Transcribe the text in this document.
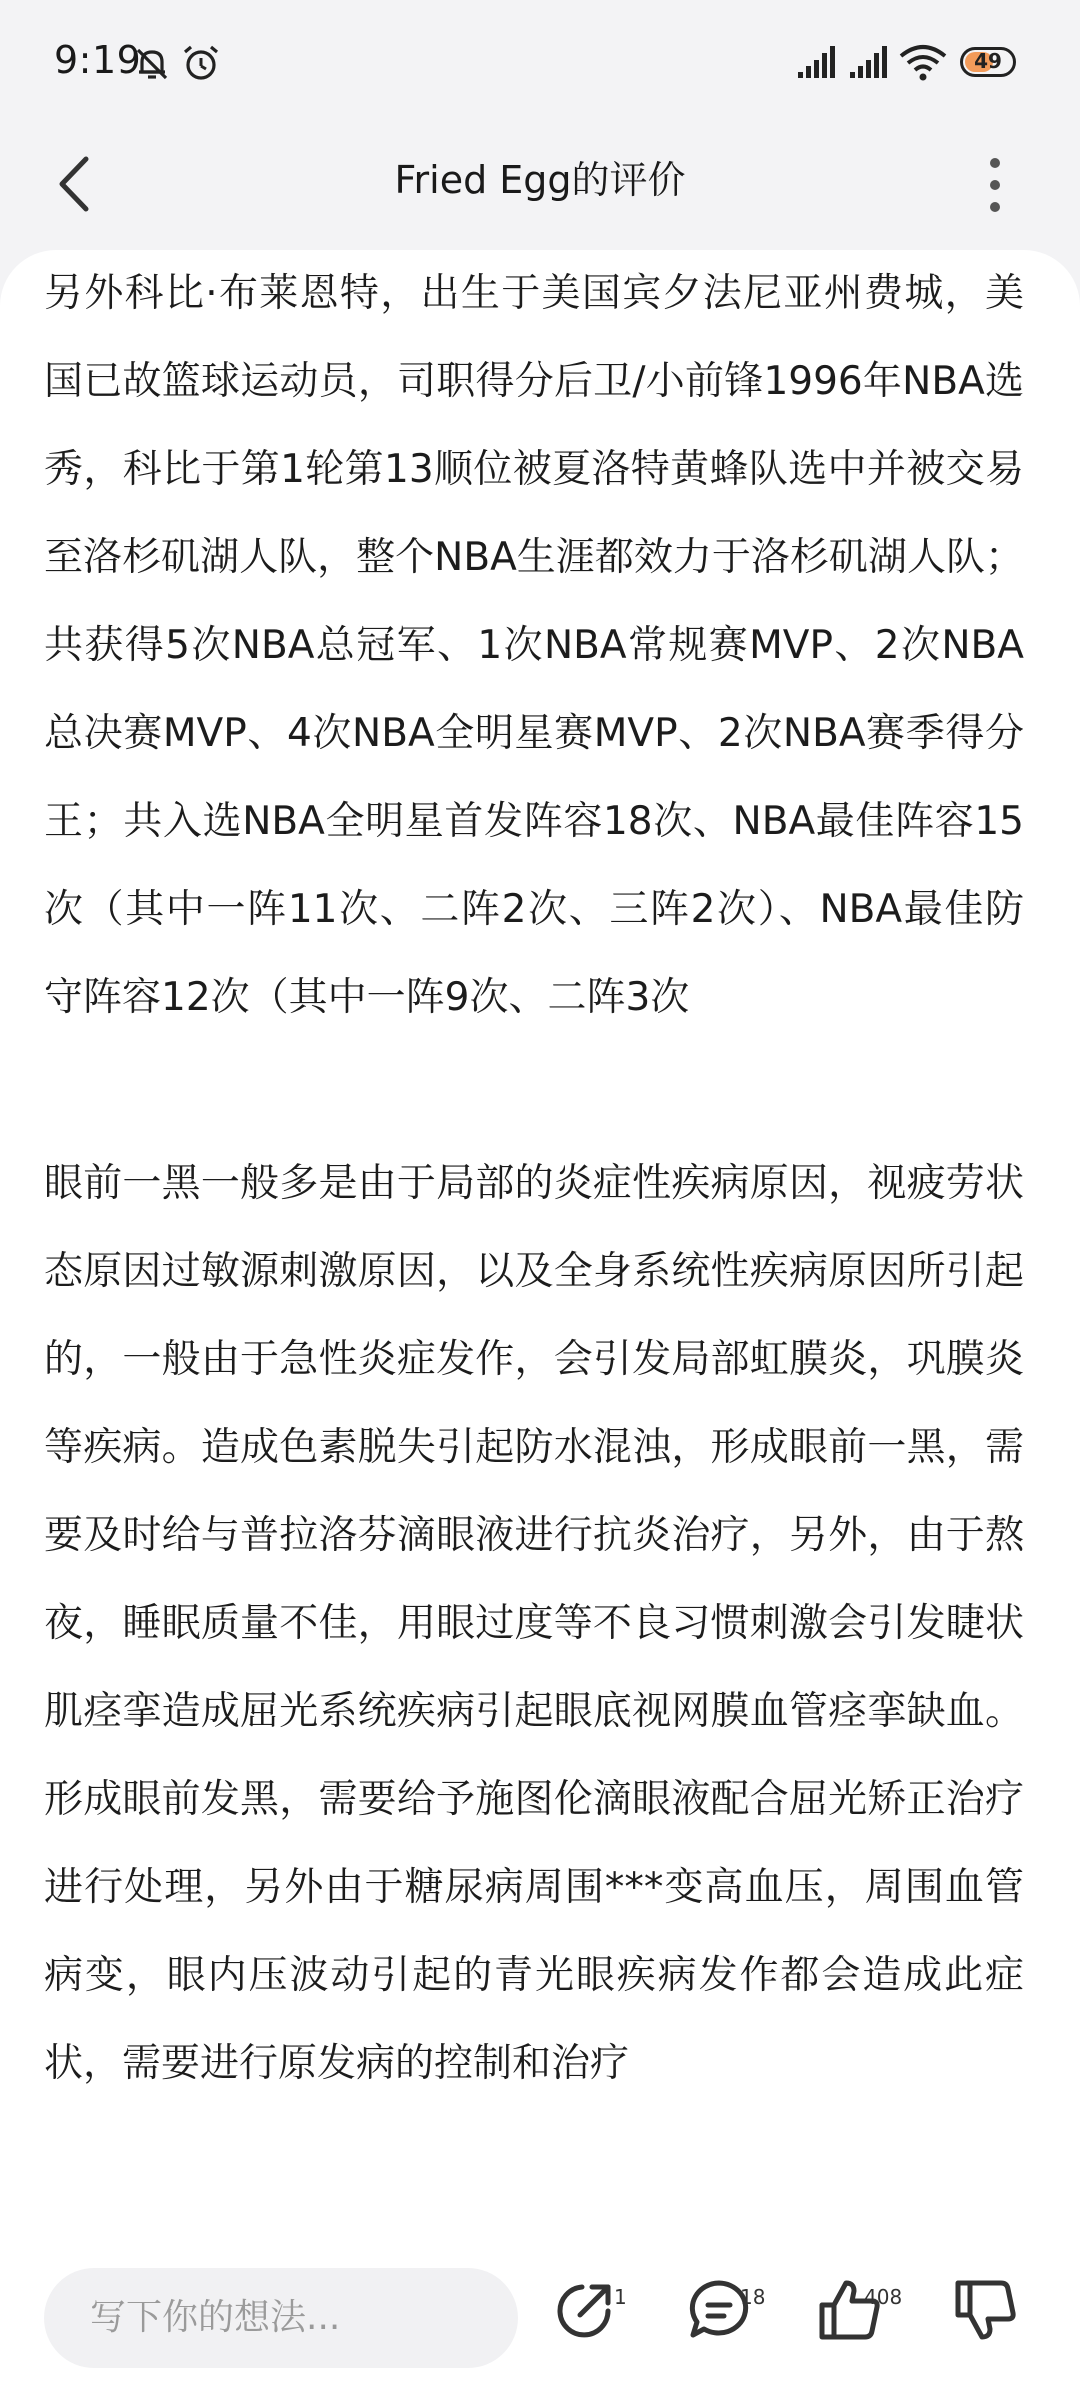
9:19	49
Fried Egg的评价

另外科比·布莱恩特，出生于美国宾夕法尼亚州费城，美国已故篮球运动员，司职得分后卫/小前锋1996年NBA选秀，科比于第1轮第13顺位被夏洛特黄蜂队选中并被交易至洛杉矶湖人队，整个NBA生涯都效力于洛杉矶湖人队；共获得5次NBA总冠军、1次NBA常规赛MVP、2次NBA总决赛MVP、4次NBA全明星赛MVP、2次NBA赛季得分王；共入选NBA全明星首发阵容18次、NBA最佳阵容15次（其中一阵11次、二阵2次、三阵2次）、NBA最佳防守阵容12次（其中一阵9次、二阵3次

眼前一黑一般多是由于局部的炎症性疾病原因，视疲劳状态原因过敏源刺激原因，以及全身系统性疾病原因所引起的，一般由于急性炎症发作，会引发局部虹膜炎，巩膜炎等疾病。造成色素脱失引起防水混浊，形成眼前一黑，需要及时给与普拉洛芬滴眼液进行抗炎治疗，另外，由于熬夜，睡眠质量不佳，用眼过度等不良习惯刺激会引发睫状肌痉挛造成屈光系统疾病引起眼底视网膜血管痉挛缺血。形成眼前发黑，需要给予施图伦滴眼液配合屈光矫正治疗进行处理，另外由于糖尿病周围***变高血压，周围血管病变，眼内压波动引起的青光眼疾病发作都会造成此症状，需要进行原发病的控制和治疗

写下你的想法...	1	18	408
